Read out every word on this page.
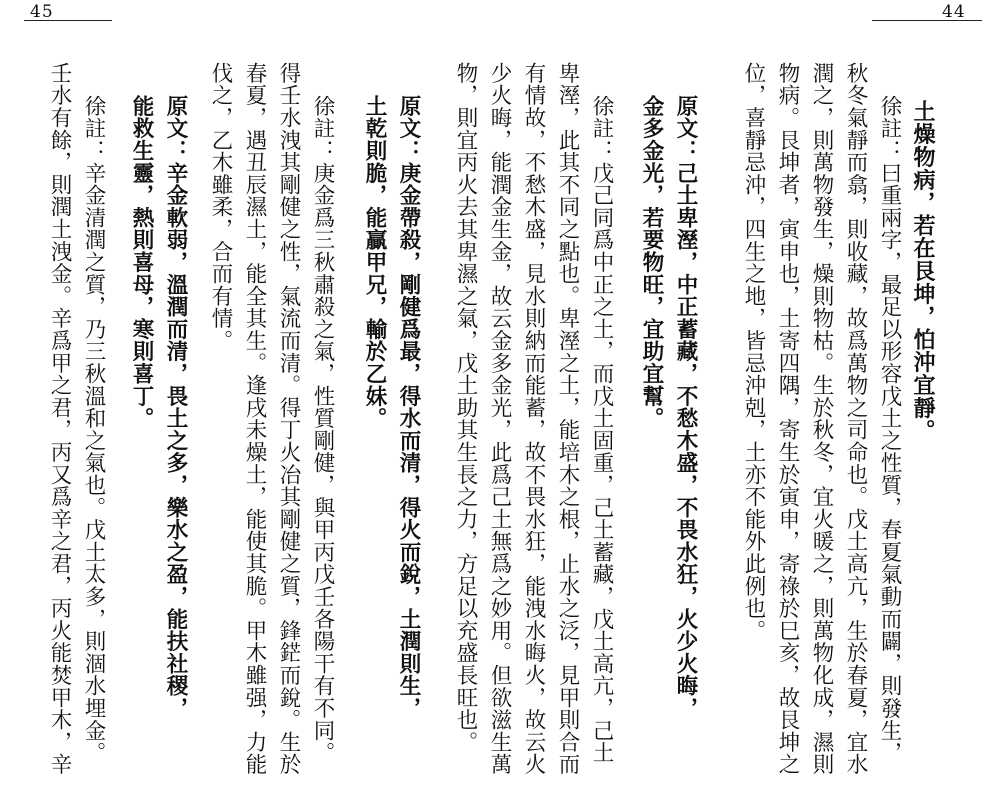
45	44
土燥物病，若在艮坤，怕沖宜靜。
徐註：曰重兩字，最足以形容戊土之性質，春夏氣動而闢，則發生，
秋冬氣靜而翕，則收藏，故爲萬物之司命也。戊土高亢，生於春夏，宜水
潤之，則萬物發生，燥則物枯。生於秋冬，宜火暖之，則萬物化成，濕則
物病。艮坤者，寅申也，土寄四隅，寄生於寅申，寄祿於巳亥，故艮坤之
位，喜靜忌沖，四生之地，皆忌沖剋，土亦不能外此例也。
原文：己土卑溼，中正蓄藏，不愁木盛，不畏水狂，火少火晦，
金多金光，若要物旺，宜助宜幫。
徐註：戊己同爲中正之土，而戊土固重，己土蓄藏，戊土高亢，己土
卑溼，此其不同之點也。卑溼之土，能培木之根，止水之泛，見甲則合而
有情故，不愁木盛，見水則納而能蓄，故不畏水狂，能洩水晦火，故云火
少火晦，能潤金生金，故云金多金光，此爲己土無爲之妙用。但欲滋生萬
物，則宜丙火去其卑濕之氣，戊土助其生長之力，方足以充盛長旺也。
原文：庚金帶殺，剛健爲最，得水而清，得火而銳，土潤則生，
土乾則脆，能贏甲兄，輸於乙妹。
徐註：庚金爲三秋肅殺之氣，性質剛健，與甲丙戊壬各陽干有不同。
得壬水洩其剛健之性，氣流而清。得丁火冶其剛健之質，鋒鋩而銳。生於
春夏，遇丑辰濕土，能全其生。逢戌未燥土，能使其脆。甲木雖强，力能
伐之，乙木雖柔，合而有情。
原文：辛金軟弱，溫潤而清，畏土之多，樂水之盈，能扶社稷，
能救生靈，熱則喜母，寒則喜丁。
徐註：辛金清潤之質，乃三秋溫和之氣也。戊土太多，則涸水埋金。
壬水有餘，則潤土洩金。辛爲甲之君，丙又爲辛之君，丙火能焚甲木，辛
